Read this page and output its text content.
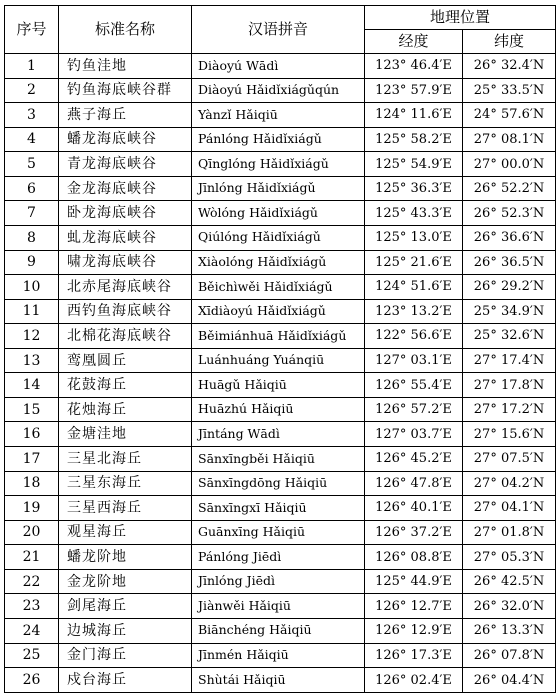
序号	标准名称	汉语拼音	地理位置	
			经度	纬度
1	钓鱼洼地	Diàoyú Wādì	123° 46.4′E	26° 32.4′N
2	钓鱼海底峡谷群	Diàoyú Hǎidǐxiágǔqún	123° 57.9′E	25° 33.5′N
3	燕子海丘	Yànzǐ Hǎiqiū	124° 11.6′E	24° 57.6′N
4	蟠龙海底峡谷	Pánlóng Hǎidǐxiágǔ	125° 58.2′E	27° 08.1′N
5	青龙海底峡谷	Qīnglóng Hǎidǐxiágǔ	125° 54.9′E	27° 00.0′N
6	金龙海底峡谷	Jīnlóng Hǎidǐxiágǔ	125° 36.3′E	26° 52.2′N
7	卧龙海底峡谷	Wòlóng Hǎidǐxiágǔ	125° 43.3′E	26° 52.3′N
8	虬龙海底峡谷	Qiúlóng Hǎidǐxiágǔ	125° 13.0′E	26° 36.6′N
9	啸龙海底峡谷	Xiàolóng Hǎidǐxiágǔ	125° 21.6′E	26° 36.5′N
10	北赤尾海底峡谷	Běichìwěi Hǎidǐxiágǔ	124° 51.6′E	26° 29.2′N
11	西钓鱼海底峡谷	Xīdiàoyú Hǎidǐxiágǔ	123° 13.2′E	25° 34.9′N
12	北棉花海底峡谷	Běimiánhuā Hǎidǐxiágǔ	122° 56.6′E	25° 32.6′N
13	鸾凰圆丘	Luánhuáng Yuánqiū	127° 03.1′E	27° 17.4′N
14	花鼓海丘	Huāgǔ Hǎiqiū	126° 55.4′E	27° 17.8′N
15	花烛海丘	Huāzhú Hǎiqiū	126° 57.2′E	27° 17.2′N
16	金塘洼地	Jīntáng Wādì	127° 03.7′E	27° 15.6′N
17	三星北海丘	Sānxīngběi Hǎiqiū	126° 45.2′E	27° 07.5′N
18	三星东海丘	Sānxīngdōng Hǎiqiū	126° 47.8′E	27° 04.2′N
19	三星西海丘	Sānxīngxī Hǎiqiū	126° 40.1′E	27° 04.1′N
20	观星海丘	Guānxīng Hǎiqiū	126° 37.2′E	27° 01.8′N
21	蟠龙阶地	Pánlóng Jiēdì	126° 08.8′E	27° 05.3′N
22	金龙阶地	Jīnlóng Jiēdì	125° 44.9′E	26° 42.5′N
23	剑尾海丘	Jiànwěi Hǎiqiū	126° 12.7′E	26° 32.0′N
24	边城海丘	Biānchéng Hǎiqiū	126° 12.9′E	26° 13.3′N
25	金门海丘	Jīnmén Hǎiqiū	126° 17.3′E	26° 07.8′N
26	戍台海丘	Shùtái Hǎiqiū	126° 02.4′E	26° 04.4′N
